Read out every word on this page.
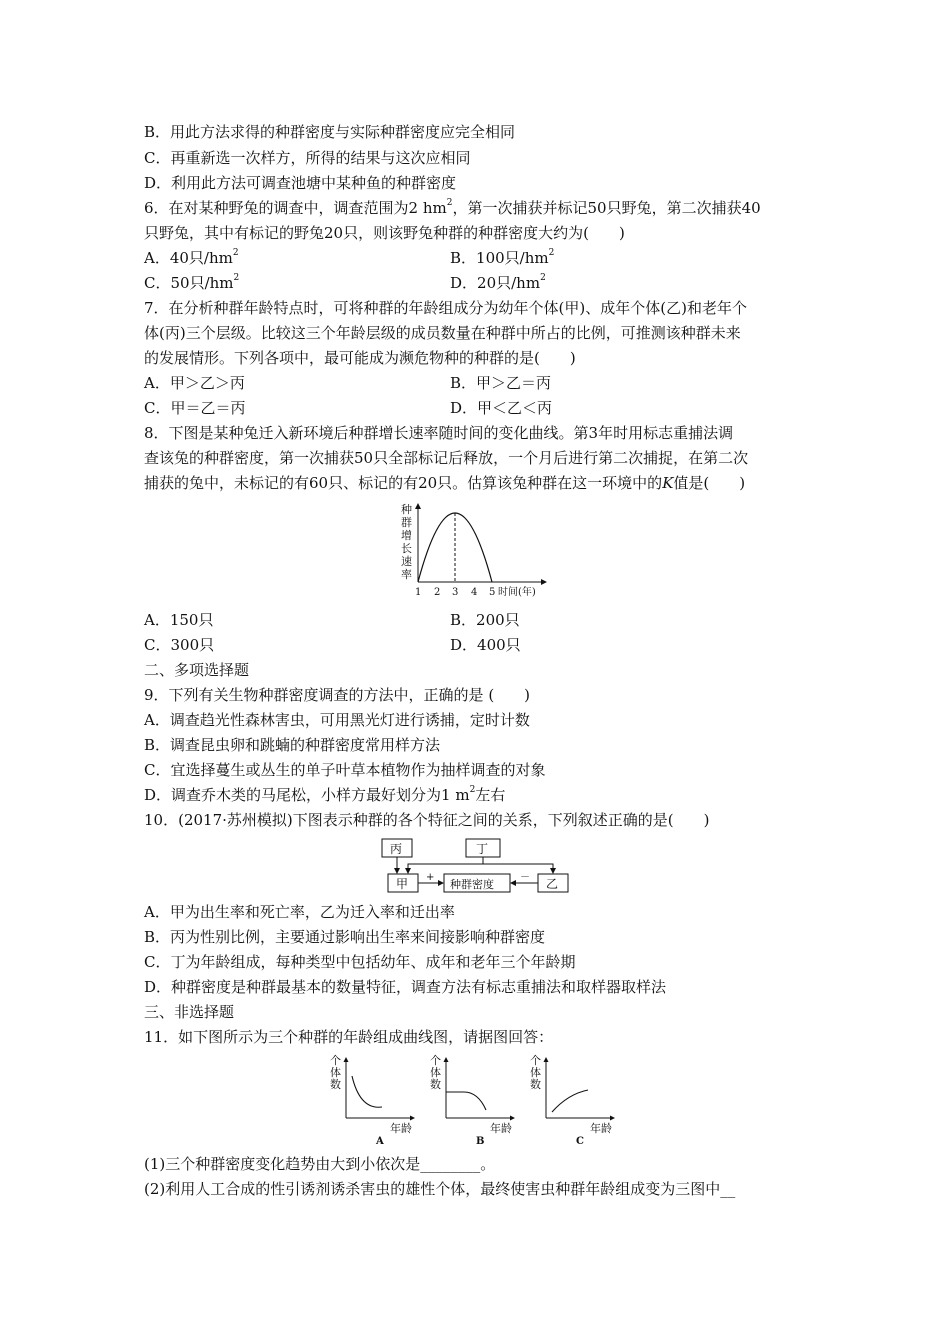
B．用此方法求得的种群密度与实际种群密度应完全相同
C．再重新选一次样方，所得的结果与这次应相同
D．利用此方法可调查池塘中某种鱼的种群密度
6．在对某种野兔的调查中，调查范围为2 $hm^2$，第一次捕获并标记50只野兔，第二次捕获40
只野兔，其中有标记的野兔20只，则该野兔种群的种群密度大约为(　　)
A．40只$/hm^2$	B．100只$/hm^2$
C．50只$/hm^2$	D．20只$/hm^2$
7．在分析种群年龄特点时，可将种群的年龄组成分为幼年个体(甲)、成年个体(乙)和老年个
体(丙)三个层级。比较这三个年龄层级的成员数量在种群中所占的比例，可推测该种群未来
的发展情形。下列各项中，最可能成为濒危物种的种群的是(　　)
A．甲＞乙＞丙	B．甲＞乙＝丙
C．甲＝乙＝丙	D．甲＜乙＜丙
8．下图是某种兔迁入新环境后种群增长速率随时间的变化曲线。第3年时用标志重捕法调
查该兔的种群密度，第一次捕获50只全部标记后释放，一个月后进行第二次捕捉，在第二次
捕获的兔中，未标记的有60只、标记的有20只。估算该兔种群在这一环境中的K值是(　　)
种
群
增
长
速
率
1 2 3 4 5 时间(年)
A．150只	B．200只
C．300只	D．400只
二、多项选择题
9．下列有关生物种群密度调查的方法中，正确的是 (　　)
A．调查趋光性森林害虫，可用黑光灯进行诱捕，定时计数
B．调查昆虫卵和跳蝻的种群密度常用样方法
C．宜选择蔓生或丛生的单子叶草本植物作为抽样调查的对象
D．调查乔木类的马尾松，小样方最好划分为1 $m^2$左右
10．(2017·苏州模拟)下图表示种群的各个特征之间的关系，下列叙述正确的是(　　)
丙	丁
甲	种群密度	乙
+	－
A．甲为出生率和死亡率，乙为迁入率和迁出率
B．丙为性别比例，主要通过影响出生率来间接影响种群密度
C．丁为年龄组成，每种类型中包括幼年、成年和老年三个年龄期
D．种群密度是种群最基本的数量特征，调查方法有标志重捕法和取样器取样法
三、非选择题
11．如下图所示为三个种群的年龄组成曲线图，请据图回答：
个
体
数
年龄
A
个
体
数
年龄
B
个
体
数
年龄
C
(1)三个种群密度变化趋势由大到小依次是________。
(2)利用人工合成的性引诱剂诱杀害虫的雄性个体，最终使害虫种群年龄组成变为三图中__
